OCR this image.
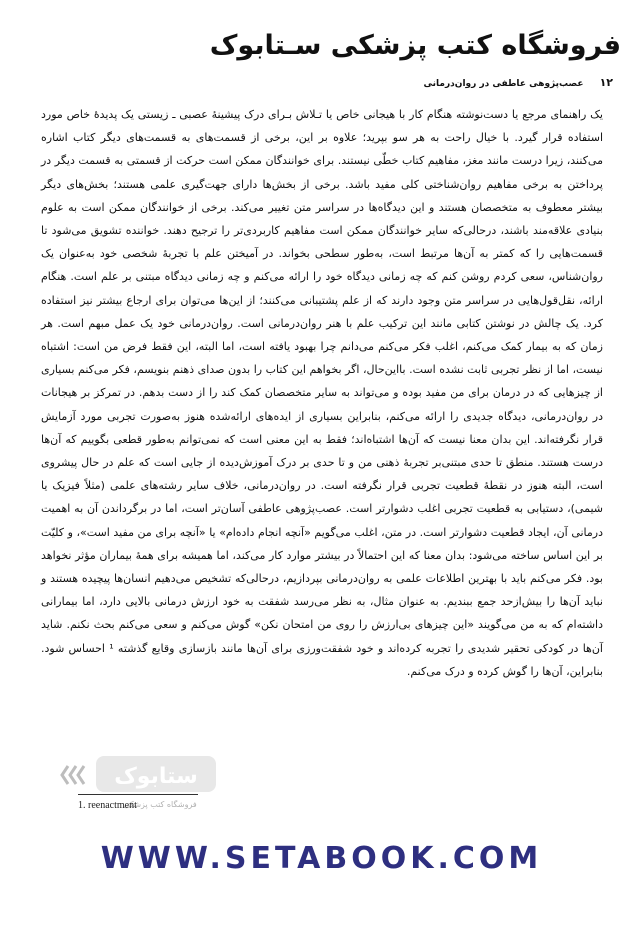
فروشگاه کتب پزشکی سـتابوک
۱۲
عصب‌پژوهی عاطفی در روان‌درمانی

یک راهنمای مرجع یا دست‌نوشته هنگام کار با هیجانی خاص یا تـلاش بـرای درک پیشینهٔ عصبی‌ ـ زیستی یک پدیدهٔ خاص مورد استفاده قرار گیرد. با خیال راحت به هر سو بپرید؛ علاوه بر این، برخی از قسمت‌های به قسمت‌های دیگر کتاب اشاره می‌کنند، زیرا درست مانند مغز، مفاهیم کتاب خطّی نیستند. برای خوانندگان ممکن است حرکت از قسمتی به قسمت دیگر در پرداختن به برخی مفاهیم روان‌شناختی کلی مفید باشد. برخی از بخش‌ها دارای جهت‌گیری علمی هستند؛ بخش‌های دیگر بیشتر معطوف به متخصصان هستند و این دیدگاه‌ها در سراسر متن تغییر می‌کند. برخی از خوانندگان ممکن است به علوم بنیادی علاقه‌مند باشند، درحالی‌که سایر خوانندگان ممکن است مفاهیم کاربردی‌تر را ترجیح دهند. خواننده تشویق می‌شود تا قسمت‌هایی را که کمتر به آن‌ها مرتبط است، به‌طور سطحی بخواند. در آمیختن علم با تجربهٔ شخصی خود به‌عنوان یک روان‌شناس، سعی کردم روشن کنم که چه زمانی دیدگاه خود را ارائه می‌کنم و چه زمانی دیدگاه مبتنی بر علم است. هنگام ارائه، نقل‌قول‌هایی در سراسر متن وجود دارند که از علم پشتیبانی می‌کنند؛ از این‌ها می‌توان برای ارجاع بیشتر نیز استفاده کرد. یک چالش در نوشتن کتابی مانند این ترکیب علم با هنر روان‌درمانی است. روان‌درمانی خود یک عمل مبهم است. هر زمان که به بیمار کمک می‌کنم، اغلب فکر می‌کنم می‌دانم چرا بهبود یافته است، اما البته، این فقط فرض من است: اشتباه نیست، اما از نظر تجربی ثابت نشده است. بااین‌حال، اگر بخواهم این کتاب را بدون صدای ذهنم بنویسم، فکر می‌کنم بسیاری از چیزهایی که در درمان برای من مفید بوده و می‌تواند به سایر متخصصان کمک کند را از دست بدهم. در تمرکز بر هیجانات در روان‌درمانی، دیدگاه جدیدی را ارائه می‌کنم، بنابراین بسیاری از ایده‌های ارائه‌شده هنوز به‌صورت تجربی مورد آزمایش قرار نگرفته‌اند. این بدان معنا نیست که آن‌ها اشتباه‌اند؛ فقط به این معنی است که نمی‌توانم به‌طور قطعی بگوییم که آن‌ها درست هستند. منطق تا حدی مبتنی‌بر تجربهٔ ذهنی من و تا حدی بر درک آموزش‌دیده از جایی است که علم در حال پیشروی است، البته هنوز در نقطهٔ قطعیت تجربی قرار نگرفته است. در روان‌درمانی، خلاف سایر رشته‌های علمی (مثلاً فیزیک یا شیمی)، دستیابی به قطعیت تجربی اغلب دشوارتر است. عصب‌پژوهی عاطفی آسان‌تر است، اما در برگرداندن آن به اهمیت درمانی آن، ایجاد قطعیت دشوارتر است. در متن، اغلب می‌گویم «آنچه انجام داده‌ام» یا «آنچه برای من مفید است»، و کلیّت بر این اساس ساخته می‌شود: بدان معنا که این احتمالاً در بیشتر موارد کار می‌کند، اما همیشه برای همهٔ بیماران مؤثر نخواهد بود. فکر می‌کنم باید با بهترین اطلاعات علمی به روان‌درمانی بپردازیم، درحالی‌که تشخیص می‌دهیم انسان‌ها پیچیده هستند و نباید آن‌ها را بیش‌ازحد جمع ببندیم. به عنوان مثال، به نظر می‌رسد شفقت به خود ارزش درمانی بالایی دارد، اما بیمارانی داشته‌ام که به من می‌گویند «این چیزهای بی‌ارزش را روی من امتحان نکن» گوش می‌کنم و سعی می‌کنم بحث نکنم. شاید آن‌ها در کودکی تحقیر شدیدی را تجربه کرده‌اند و خود شفقت‌ورزی برای آن‌ها مانند بازسازی وقایع گذشته ¹ احساس شود. بنابراین، آن‌ها را گوش کرده و درک می‌کنم.

ستابوک
فروشگاه کتب پزشکی
1. reenactment
WWW.SETABOOK.COM
